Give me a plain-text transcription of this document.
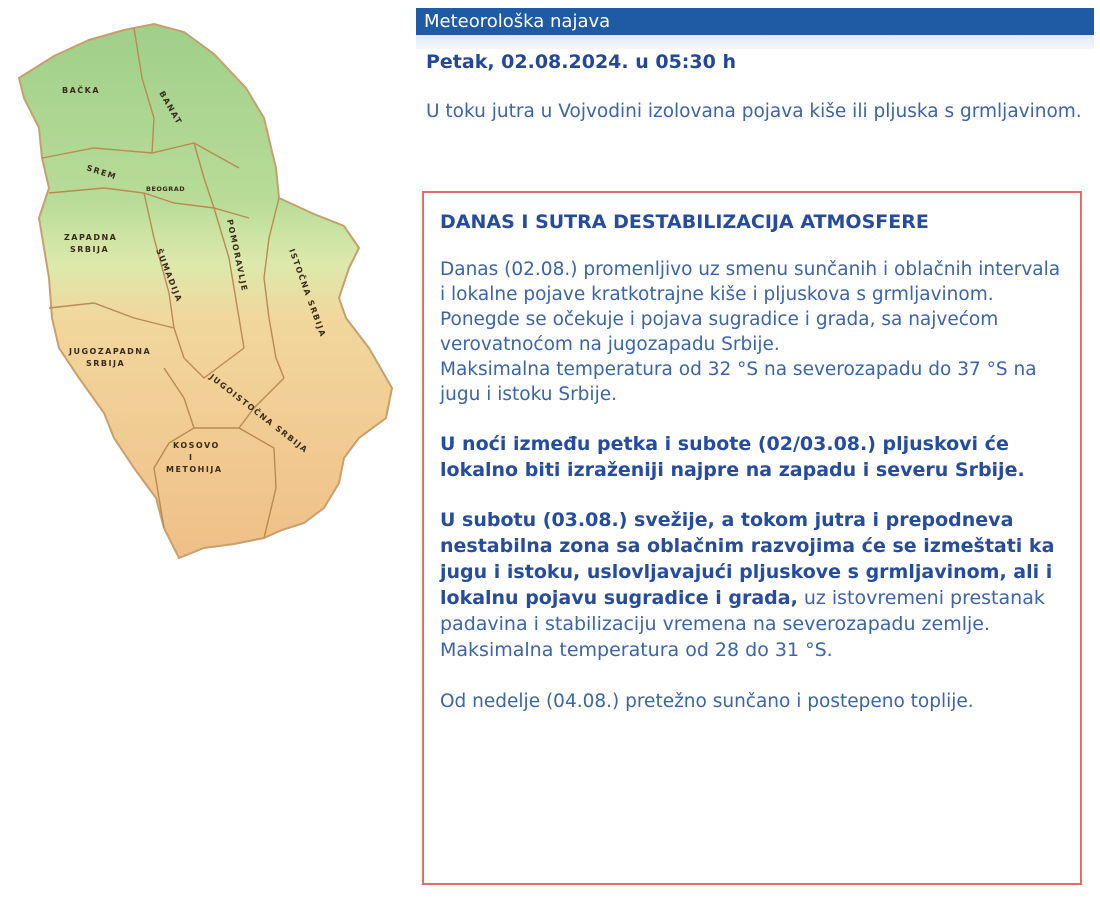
BAČKA	BANAT
SREM
BEOGRAD
ZAPADNA
SRBIJA	ŠUMADIJA	POMORAVLJE	ISTOČNA SRBIJA
JUGOZAPADNA
SRBIJA
JUGOISTOČNA SRBIJA
KOSOVO
I
METOHIJA
Meteorološka najava
Petak, 02.08.2024. u 05:30 h
U toku jutra u Vojvodini izolovana pojava kiše ili pljuska s grmljavinom.
DANAS I SUTRA DESTABILIZACIJA ATMOSFERE
Danas (02.08.) promenljivo uz smenu sunčanih i oblačnih intervala i lokalne pojave kratkotrajne kiše i pljuskova s grmljavinom. Ponegde se očekuje i pojava sugradice i grada, sa najvećom verovatnoćom na jugozapadu Srbije.
Maksimalna temperatura od 32 °S na severozapadu do 37 °S na jugu i istoku Srbije.
U noći između petka i subote (02/03.08.) pljuskovi će lokalno biti izraženiji najpre na zapadu i severu Srbije.
U subotu (03.08.) svežije, a tokom jutra i prepodneva nestabilna zona sa oblačnim razvojima će se izmeštati ka jugu i istoku, uslovljavajući pljuskove s grmljavinom, ali i lokalnu pojavu sugradice i grada, uz istovremeni prestanak padavina i stabilizaciju vremena na severozapadu zemlje. Maksimalna temperatura od 28 do 31 °S.
Od nedelje (04.08.) pretežno sunčano i postepeno toplije.
